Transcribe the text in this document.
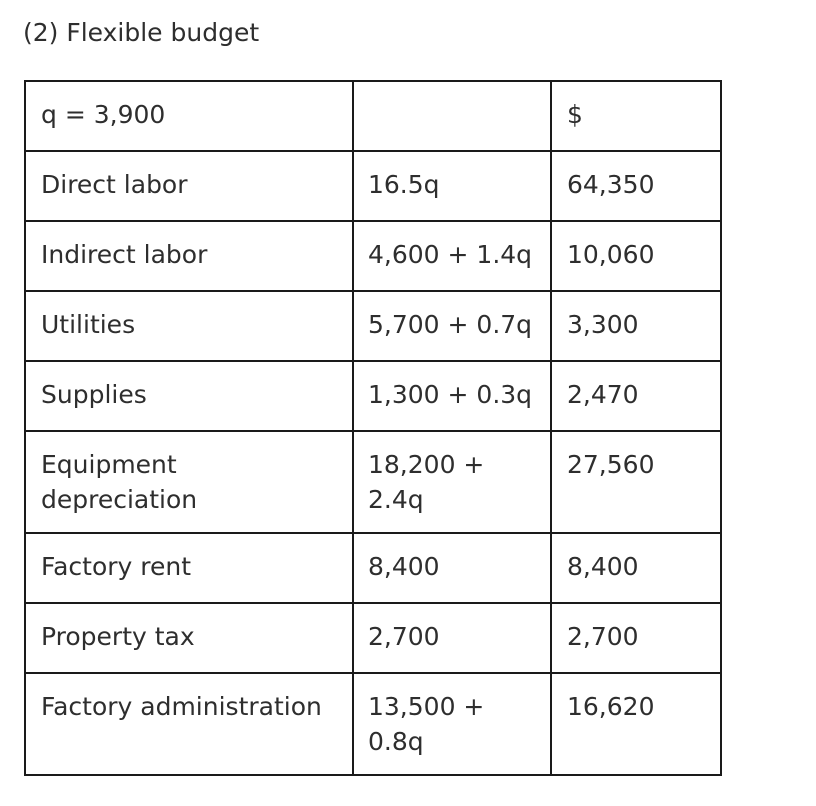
(2) Flexible budget
q = 3,900		$
Direct labor	16.5q	64,350
Indirect labor	4,600 + 1.4q	10,060
Utilities	5,700 + 0.7q	3,300
Supplies	1,300 + 0.3q	2,470
Equipment depreciation	18,200 + 2.4q	27,560
Factory rent	8,400	8,400
Property tax	2,700	2,700
Factory administration	13,500 + 0.8q	16,620
